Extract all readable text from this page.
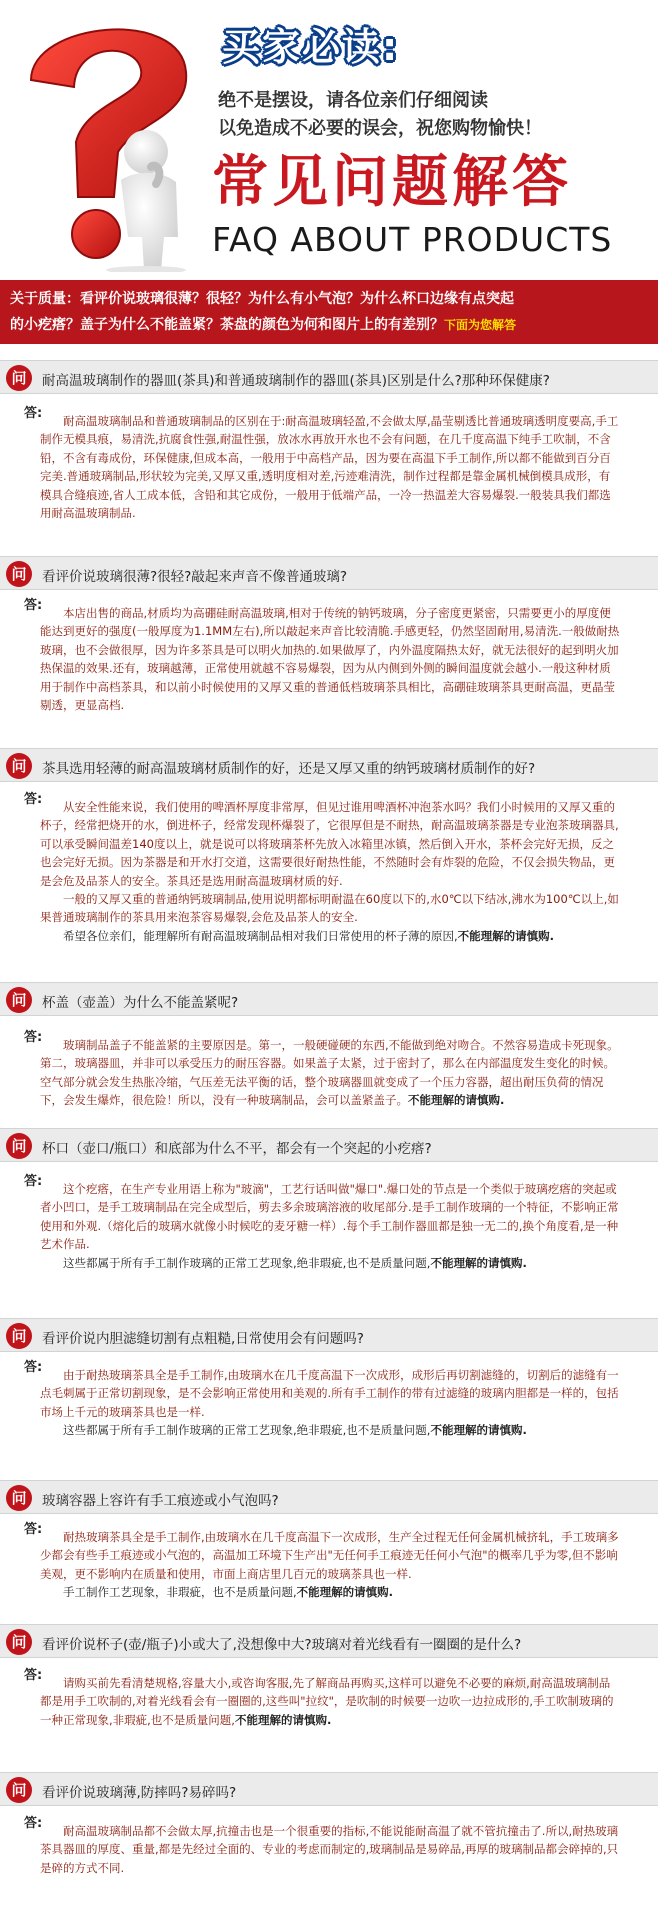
买家必读:
绝不是摆设，请各位亲们仔细阅读
以免造成不必要的误会，祝您购物愉快！
常见问题解答
FAQ ABOUT PRODUCTS

关于质量：看评价说玻璃很薄？很轻？为什么有小气泡？为什么杯口边缘有点突起

的小疙瘩？盖子为什么不能盖紧？茶盘的颜色为何和图片上的有差别？下面为您解答

问	耐高温玻璃制作的器皿(茶具)和普通玻璃制作的器皿(茶具)区别是什么?那种环保健康?
答:	耐高温玻璃制品和普通玻璃制品的区别在于:耐高温玻璃轻盈,不会做太厚,晶莹剔透比普通玻璃透明度要高,手工制作无模具痕，易清洗,抗腐食性强,耐温性强，放冰水再放开水也不会有问题，在几千度高温下纯手工吹制，不含铅，不含有毒成份，环保健康,但成本高，一般用于中高档产品，因为要在高温下手工制作,所以都不能做到百分百完美.普通玻璃制品,形状较为完美,又厚又重,透明度相对差,污迹难清洗，制作过程都是靠金属机械倒模具成形，有模具合缝痕迹,省人工成本低，含铅和其它成份，一般用于低端产品，一冷一热温差大容易爆裂.一般装具我们都选用耐高温玻璃制品.

问	看评价说玻璃很薄?很轻?敲起来声音不像普通玻璃?
答:	本店出售的商品,材质均为高硼硅耐高温玻璃,相对于传统的钠钙玻璃，分子密度更紧密，只需要更小的厚度便能达到更好的强度(一般厚度为1.1MM左右),所以敲起来声音比较清脆.手感更轻，仍然坚固耐用,易清洗.一般做耐热玻璃，也不会做很厚，因为许多茶具是可以明火加热的.如果做厚了，内外温度隔热太好，就无法很好的起到明火加热保温的效果.还有，玻璃越薄，正常使用就越不容易爆裂，因为从内侧到外侧的瞬间温度就会越小.一般这种材质用于制作中高档茶具，和以前小时候使用的又厚又重的普通低档玻璃茶具相比，高硼硅玻璃茶具更耐高温，更晶莹剔透，更显高档.

问	茶具选用轻薄的耐高温玻璃材质制作的好，还是又厚又重的纳钙玻璃材质制作的好?
答:	从安全性能来说，我们使用的啤酒杯厚度非常厚，但见过谁用啤酒杯冲泡茶水吗？我们小时候用的又厚又重的杯子，经常把烧开的水，倒进杯子，经常发现杯爆裂了，它很厚但是不耐热，耐高温玻璃茶器是专业泡茶玻璃器具,可以承受瞬间温差140度以上，就是说可以将玻璃茶杯先放入冰箱里冰镇，然后倒入开水，茶杯会完好无损，反之也会完好无损。因为茶器是和开水打交道，这需要很好耐热性能，不然随时会有炸裂的危险，不仅会损失物品，更是会危及品茶人的安全。茶具还是选用耐高温玻璃材质的好.

一般的又厚又重的普通纳钙玻璃制品,使用说明都标明耐温在60度以下的,水0℃以下结冰,沸水为100℃以上,如果普通玻璃制作的茶具用来泡茶容易爆裂,会危及品茶人的安全.

希望各位亲们，能理解所有耐高温玻璃制品相对我们日常使用的杯子薄的原因,不能理解的请慎购.

问	杯盖（壶盖）为什么不能盖紧呢?
答:	玻璃制品盖子不能盖紧的主要原因是。第一，一般硬碰硬的东西,不能做到绝对吻合。不然容易造成卡死现象。第二，玻璃器皿，并非可以承受压力的耐压容器。如果盖子太紧，过于密封了，那么在内部温度发生变化的时候。空气部分就会发生热胀冷缩，气压差无法平衡的话，整个玻璃器皿就变成了一个压力容器，超出耐压负荷的情况下，会发生爆炸，很危险！所以，没有一种玻璃制品，会可以盖紧盖子。不能理解的请慎购.

问	杯口（壶口/瓶口）和底部为什么不平，都会有一个突起的小疙瘩?
答:	这个疙瘩，在生产专业用语上称为"玻滴"，工艺行话叫做"爆口".爆口处的节点是一个类似于玻璃疙瘩的突起或者小凹口，是手工玻璃制品在完全成型后，剪去多余玻璃溶液的收尾部分.是手工制作玻璃的一个特征，不影响正常使用和外观.（熔化后的玻璃水就像小时候吃的麦牙糖一样）.每个手工制作器皿都是独一无二的,换个角度看,是一种艺术作品.

这些都属于所有手工制作玻璃的正常工艺现象,绝非瑕疵,也不是质量问题,不能理解的请慎购.

问	看评价说内胆滤缝切割有点粗糙,日常使用会有问题吗?
答:	由于耐热玻璃茶具全是手工制作,由玻璃水在几千度高温下一次成形，成形后再切割滤缝的，切割后的滤缝有一点毛刺属于正常切割现象，是不会影响正常使用和美观的.所有手工制作的带有过滤缝的玻璃内胆都是一样的，包括市场上千元的玻璃茶具也是一样.

这些都属于所有手工制作玻璃的正常工艺现象,绝非瑕疵,也不是质量问题,不能理解的请慎购.

问	玻璃容器上容许有手工痕迹或小气泡吗?
答:	耐热玻璃茶具全是手工制作,由玻璃水在几千度高温下一次成形，生产全过程无任何金属机械挤轧，手工玻璃多少都会有些手工痕迹或小气泡的，高温加工环境下生产出"无任何手工痕迹无任何小气泡"的概率几乎为零,但不影响美观，更不影响内在质量和使用，市面上商店里几百元的玻璃茶具也一样.

手工制作工艺现象，非瑕疵，也不是质量问题,不能理解的请慎购.

问	看评价说杯子(壶/瓶子)小或大了,没想像中大?玻璃对着光线看有一圈圈的是什么?
答:	请购买前先看清楚规格,容量大小,或咨询客服,先了解商品再购买,这样可以避免不必要的麻烦,耐高温玻璃制品都是用手工吹制的,对着光线看会有一圈圈的,这些叫"拉纹"，是吹制的时候要一边吹一边拉成形的,手工吹制玻璃的一种正常现象,非瑕疵,也不是质量问题,不能理解的请慎购.

问	看评价说玻璃薄,防摔吗?易碎吗?
答:	耐高温玻璃制品都不会做太厚,抗撞击也是一个很重要的指标,不能说能耐高温了就不管抗撞击了.所以,耐热玻璃茶具器皿的厚度、重量,都是先经过全面的、专业的考虑而制定的,玻璃制品是易碎品,再厚的玻璃制品都会碎掉的,只是碎的方式不同.
